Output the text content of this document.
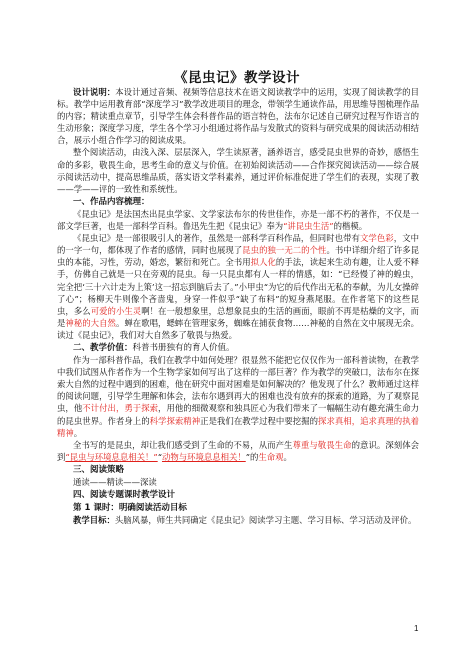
《昆虫记》教学设计

设计说明：本设计通过音频、视频等信息技术在语文阅读教学中的运用，实现了阅读教学的目标。教学中运用教育部“深度学习”教学改进项目的理念，带领学生通读作品，用思维导图梳理作品的内容；精读重点章节，引导学生体会科普作品的语言特色，法布尔记述自己研究过程写作语言的生动形象；深度学习度，学生各个学习小组通过将作品与发散式的资料与研究成果的阅读活动相结合，展示小组合作学习的阅读成果。

整个阅读活动，由浅入深、层层深入，学生读原著，涵养语言，感受昆虫世界的奇妙，感悟生命的多彩，敬畏生命，思考生命的意义与价值。在初始阅读活动——合作探究阅读活动——综合展示阅读活动中，提高思维品质，落实语文学科素养，通过评价标准促进了学生们的表现，实现了教——学——评的一致性和系统性。

一、作品内容梳理：

《昆虫记》是法国杰出昆虫学家、文学家法布尔的传世佳作，亦是一部不朽的著作，不仅是一部文学巨著，也是一部科学百科。鲁迅先生把《昆虫记》奉为“讲昆虫生活”的楷模。

《昆虫记》是一部很吸引人的著作，虽然是一部科学百科作品，但同时也带有文学色彩，文中的一字一句，都体现了作者的感情，同时也展现了昆虫的独一无二的个性。书中详细介绍了许多昆虫的本能，习性，劳动，婚恋，繁衍和死亡。全书用拟人化的手法，读起来生动有趣，让人爱不释手，仿佛自己就是一只在旁观的昆虫。每一只昆虫都有人一样的情感，如：“已经慢了神的蝗虫，完全把‘三十六计走为上策’这一招忘到脑后去了。”小甲虫“为它的后代作出无私的奉献，为儿女操碎了心”；杨柳天牛则像个吝啬鬼，身穿一件似乎“缺了布料”的短身燕尾服。在作者笔下的这些昆虫，多么可爱的小生灵啊！在一般想象里，总想象昆虫的生活的画面，眼前不再是枯燥的文字，而是神秘的大自然。蝉在歌唱，蟋蟀在管理家务，蜘蛛在捕获食物……神秘的自然在文中展现无余。读过《昆虫记》，我们对大自然多了敬畏与热爱。

二、教学价值：科普书册独有的育人价值。

作为一部科普作品，我们在教学中如何处理？很显然不能把它仅仅作为一部科普读物，在教学中我们试图从作者作为一个生物学家如何写出了这样的一部巨著？作为教学的突破口，法布尔在探索大自然的过程中遇到的困难，他在研究中面对困难是如何解决的？他发现了什么？教师通过这样的阅读问题，引导学生理解和体会，法布尔遇到再大的困难也没有放弃的探索的道路，为了观察昆虫，他不计付出，勇于探索，用他的细微观察和独具匠心为我们带来了一幅幅生动有趣充满生命力的昆虫世界。作者身上的科学探索精神正是我们在教学过程中要挖掘的探求真相，追求真理的执着精神。

全书写的是昆虫，却让我们感受到了生命的不易，从而产生尊重与敬畏生命的意识。深刻体会到“昆虫与环境息息相关！”“动物与环境息息相关！”的生命观。

三、阅读策略

通读——精读——深读

四、阅读专题课时教学设计
第 1 课时：明确阅读活动目标

教学目标：头脑风暴，师生共同确定《昆虫记》阅读学习主题、学习目标、学习活动及评价。

1
